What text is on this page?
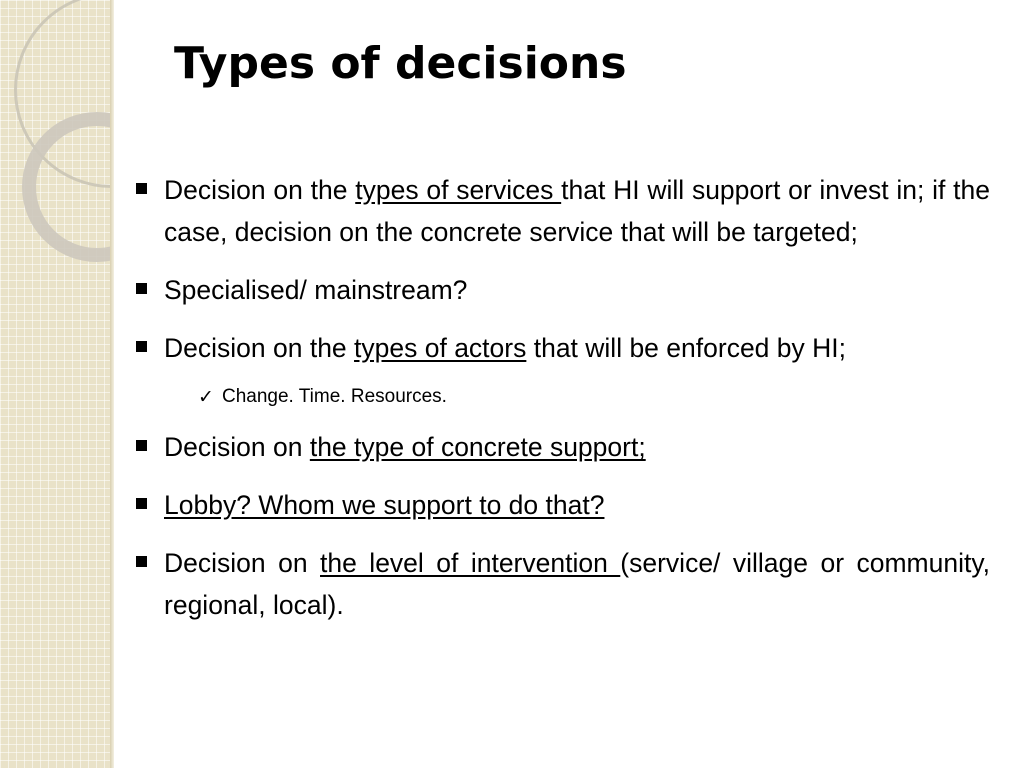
Types of decisions
Decision on the types of services that HI will support or invest in; if the case, decision on the concrete service that will be targeted;
Specialised/ mainstream?
Decision on the types of actors that will be enforced by HI;
✓ Change. Time. Resources.
Decision on the type of concrete support;
Lobby? Whom we support to do that?
Decision on the level of intervention (service/ village or community, regional, local).
